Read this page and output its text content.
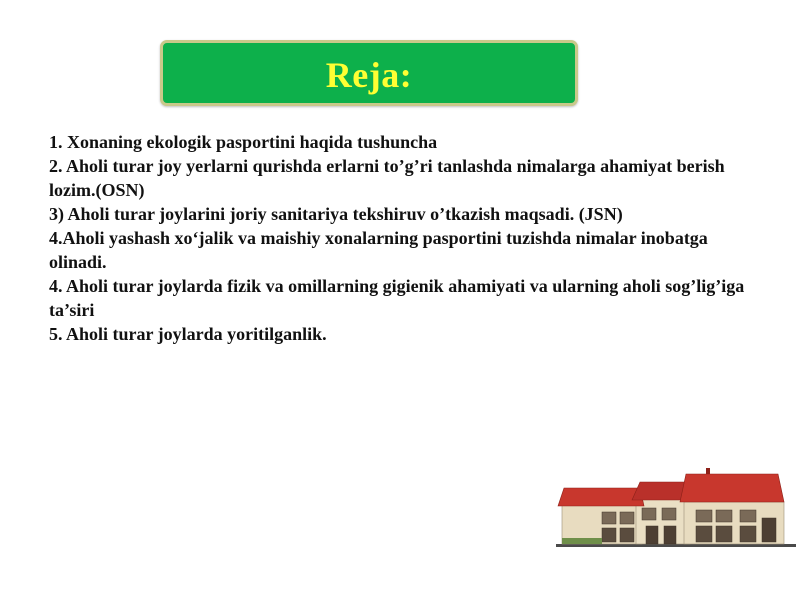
Reja:
1. Xonaning ekologik pasportini haqida tushuncha
2. Aholi turar joy yerlarni qurishda erlarni to’g’ri tanlashda nimalarga ahamiyat berish lozim.(OSN)
3) Aholi turar joylarini joriy sanitariya tekshiruv o’tkazish maqsadi. (JSN)
4.Aholi yashash xo‘jalik va maishiy xonalarning pasportini tuzishda nimalar inobatga olinadi.
4. Aholi turar joylarda fizik va omillarning gigienik ahamiyati va ularning aholi sog’lig’iga ta’siri
5. Aholi turar joylarda yoritilganlik.
